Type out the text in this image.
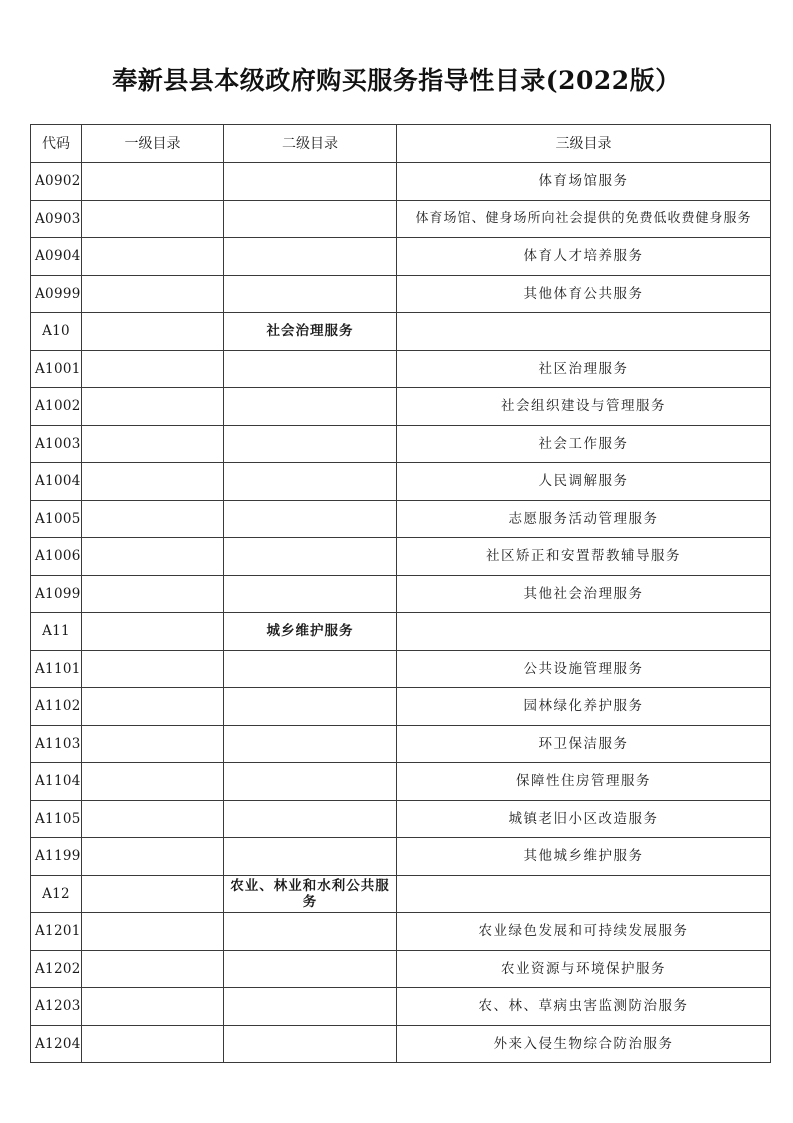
奉新县县本级政府购买服务指导性目录(2022版）
代码	一级目录	二级目录	三级目录
A0902			体育场馆服务
A0903			体育场馆、健身场所向社会提供的免费低收费健身服务
A0904			体育人才培养服务
A0999			其他体育公共服务
A10		社会治理服务	
A1001			社区治理服务
A1002			社会组织建设与管理服务
A1003			社会工作服务
A1004			人民调解服务
A1005			志愿服务活动管理服务
A1006			社区矫正和安置帮教辅导服务
A1099			其他社会治理服务
A11		城乡维护服务	
A1101			公共设施管理服务
A1102			园林绿化养护服务
A1103			环卫保洁服务
A1104			保障性住房管理服务
A1105			城镇老旧小区改造服务
A1199			其他城乡维护服务
A12		农业、林业和水利公共服务	
A1201			农业绿色发展和可持续发展服务
A1202			农业资源与环境保护服务
A1203			农、林、草病虫害监测防治服务
A1204			外来入侵生物综合防治服务
